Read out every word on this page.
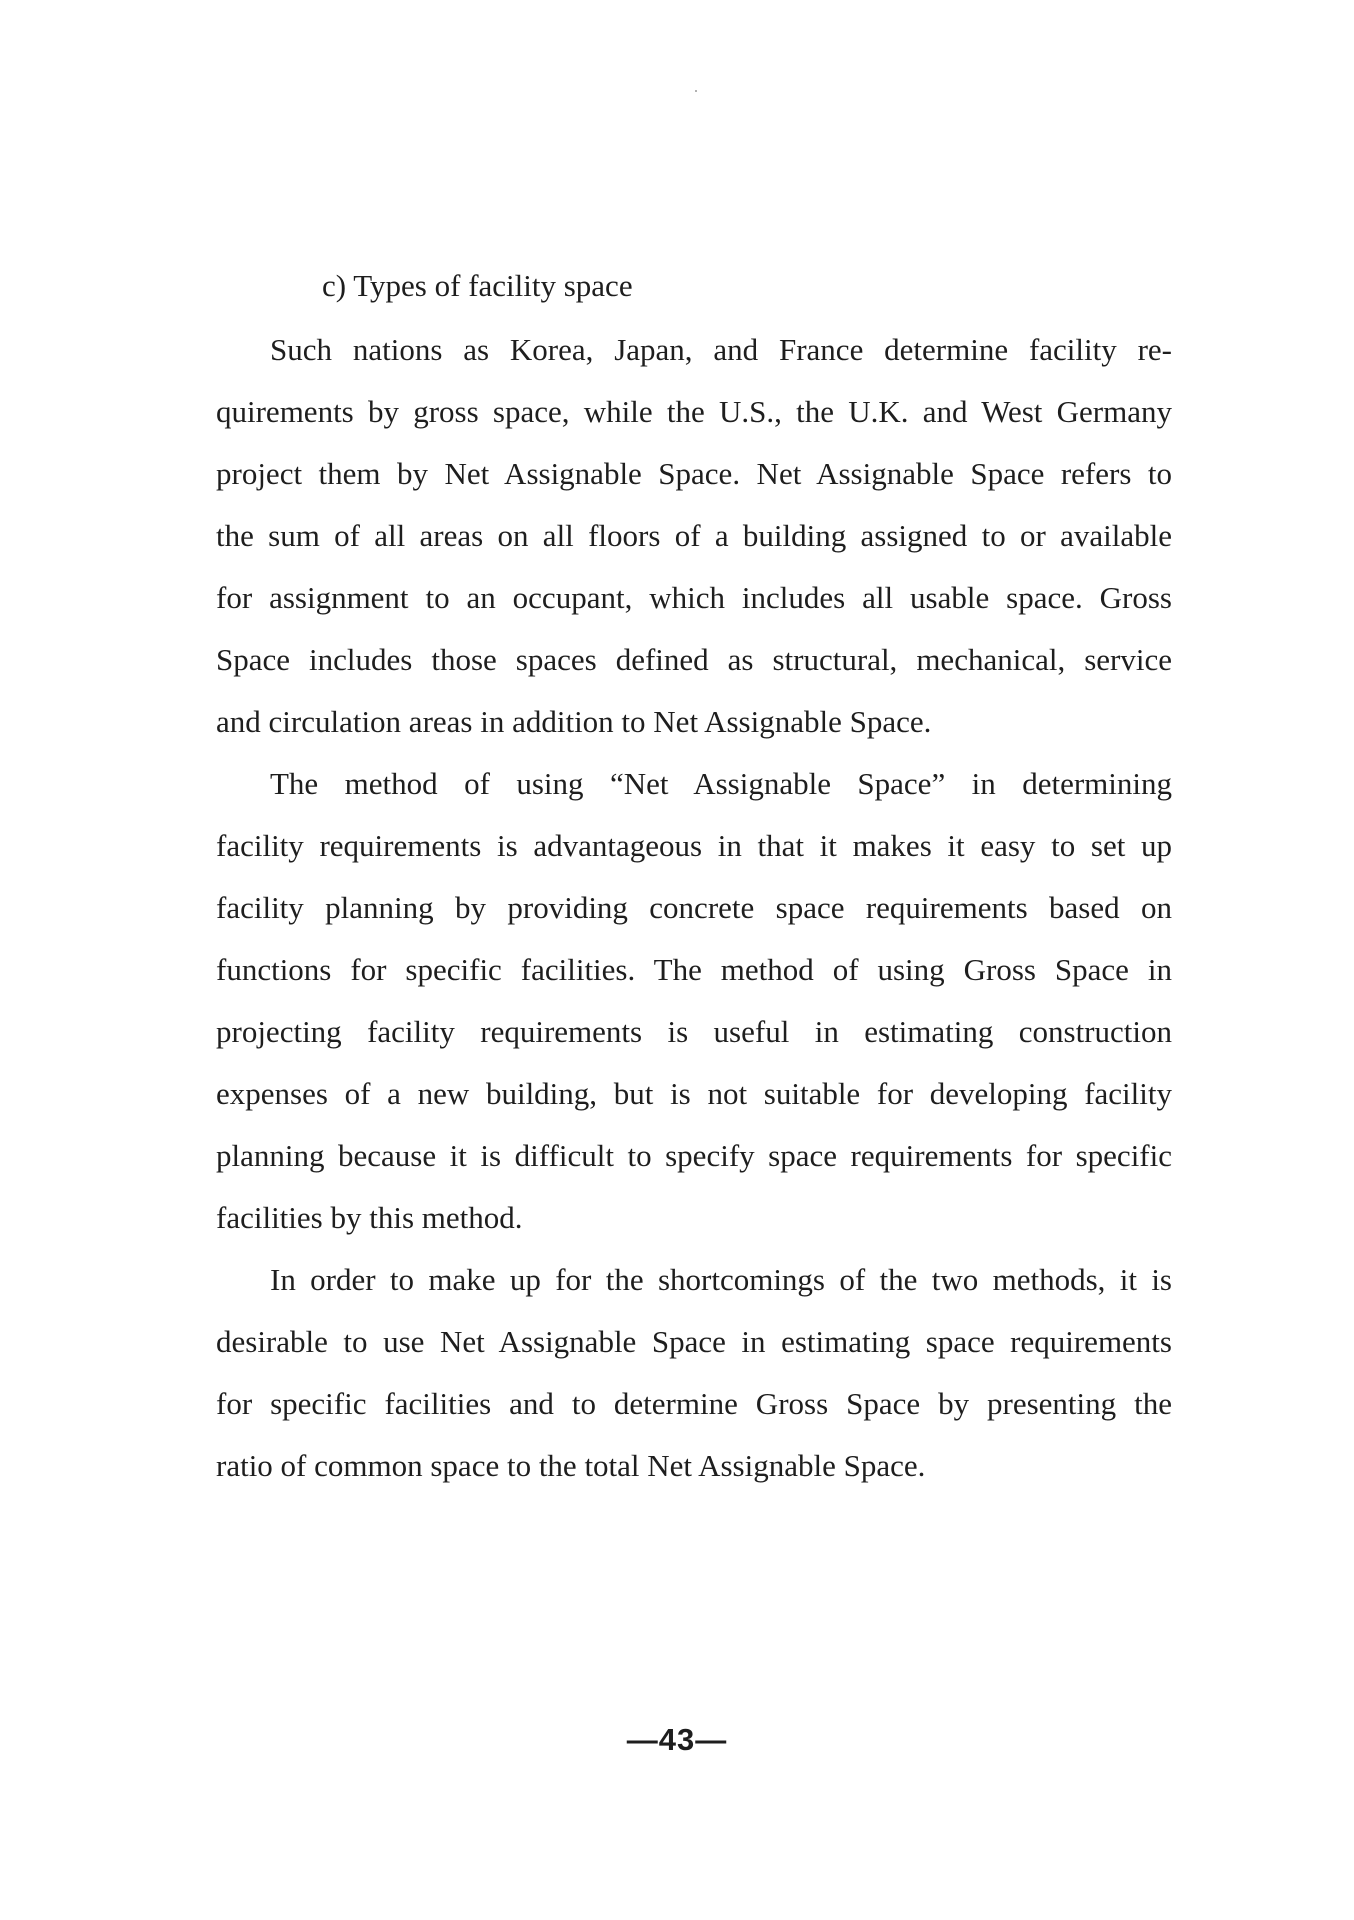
c) Types of facility space
Such nations as Korea, Japan, and France determine facility re-
quirements by gross space, while the U.S., the U.K. and West Germany
project them by Net Assignable Space. Net Assignable Space refers to
the sum of all areas on all floors of a building assigned to or available
for assignment to an occupant, which includes all usable space. Gross
Space includes those spaces defined as structural, mechanical, service
and circulation areas in addition to Net Assignable Space.
The method of using “Net Assignable Space” in determining
facility requirements is advantageous in that it makes it easy to set up
facility planning by providing concrete space requirements based on
functions for specific facilities. The method of using Gross Space in
projecting facility requirements is useful in estimating construction
expenses of a new building, but is not suitable for developing facility
planning because it is difficult to specify space requirements for specific
facilities by this method.
In order to make up for the shortcomings of the two methods, it is
desirable to use Net Assignable Space in estimating space requirements
for specific facilities and to determine Gross Space by presenting the
ratio of common space to the total Net Assignable Space.
—43—
